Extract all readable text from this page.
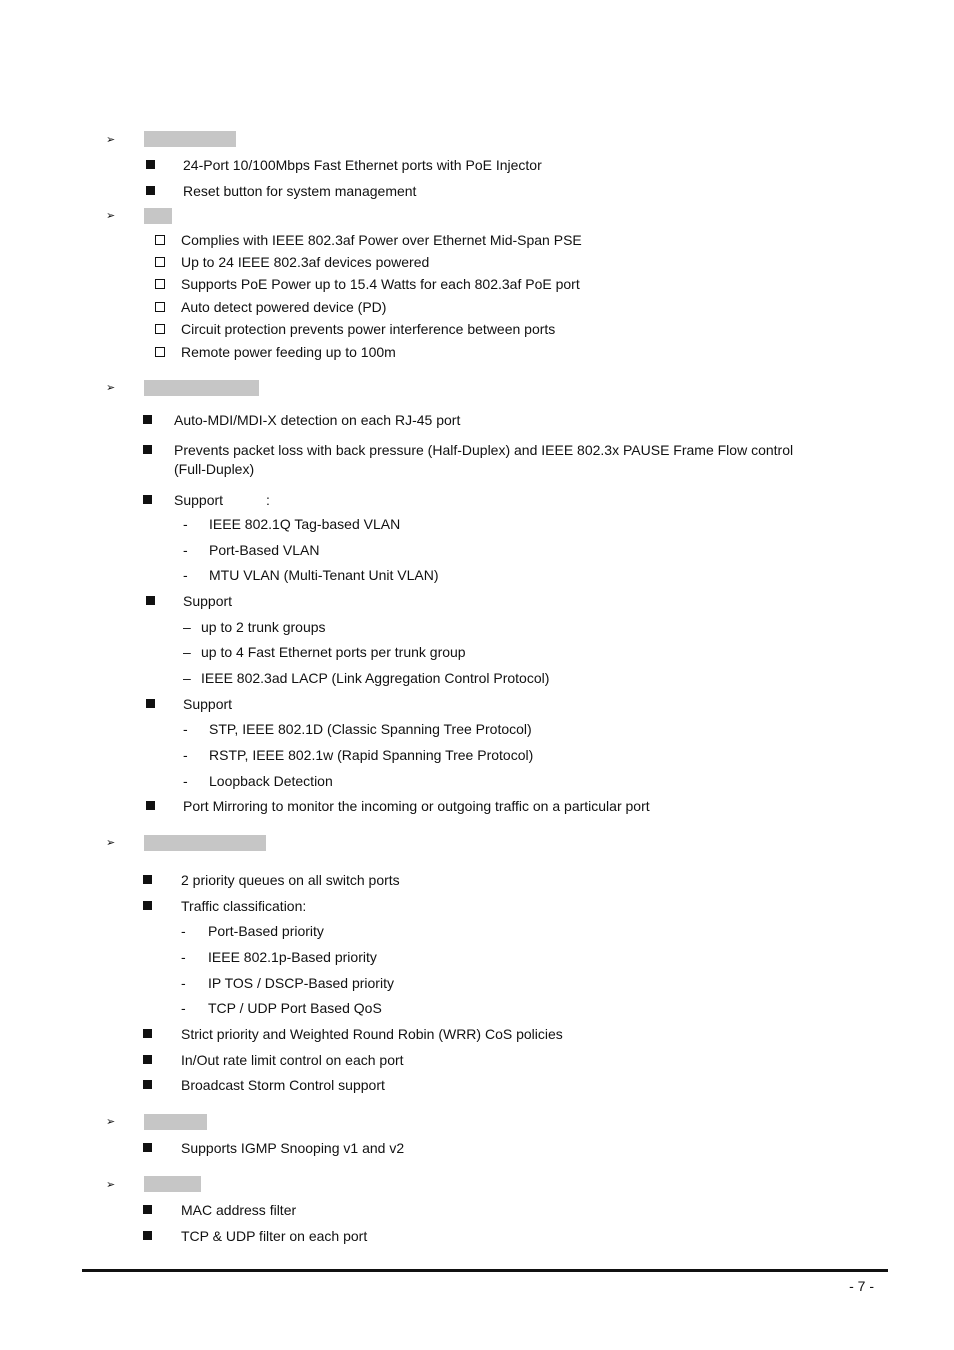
➢
24-Port 10/100Mbps Fast Ethernet ports with PoE Injector
Reset button for system management
➢
Complies with IEEE 802.3af Power over Ethernet Mid-Span PSE
Up to 24 IEEE 802.3af devices powered
Supports PoE Power up to 15.4 Watts for each 802.3af PoE port
Auto detect powered device (PD)
Circuit protection prevents power interference between ports
Remote power feeding up to 100m
➢
Auto-MDI/MDI-X detection on each RJ-45 port
Prevents packet loss with back pressure (Half-Duplex) and IEEE 802.3x PAUSE Frame Flow control
(Full-Duplex)
Support	:
- IEEE 802.1Q Tag-based VLAN
- Port-Based VLAN
- MTU VLAN (Multi-Tenant Unit VLAN)
Support
– up to 2 trunk groups
– up to 4 Fast Ethernet ports per trunk group
– IEEE 802.3ad LACP (Link Aggregation Control Protocol)
Support
- STP, IEEE 802.1D (Classic Spanning Tree Protocol)
- RSTP, IEEE 802.1w (Rapid Spanning Tree Protocol)
- Loopback Detection
Port Mirroring to monitor the incoming or outgoing traffic on a particular port
➢
2 priority queues on all switch ports
Traffic classification:
- Port-Based priority
- IEEE 802.1p-Based priority
- IP TOS / DSCP-Based priority
- TCP / UDP Port Based QoS
Strict priority and Weighted Round Robin (WRR) CoS policies
In/Out rate limit control on each port
Broadcast Storm Control support
➢
Supports IGMP Snooping v1 and v2
➢
MAC address filter
TCP & UDP filter on each port
- 7 -
